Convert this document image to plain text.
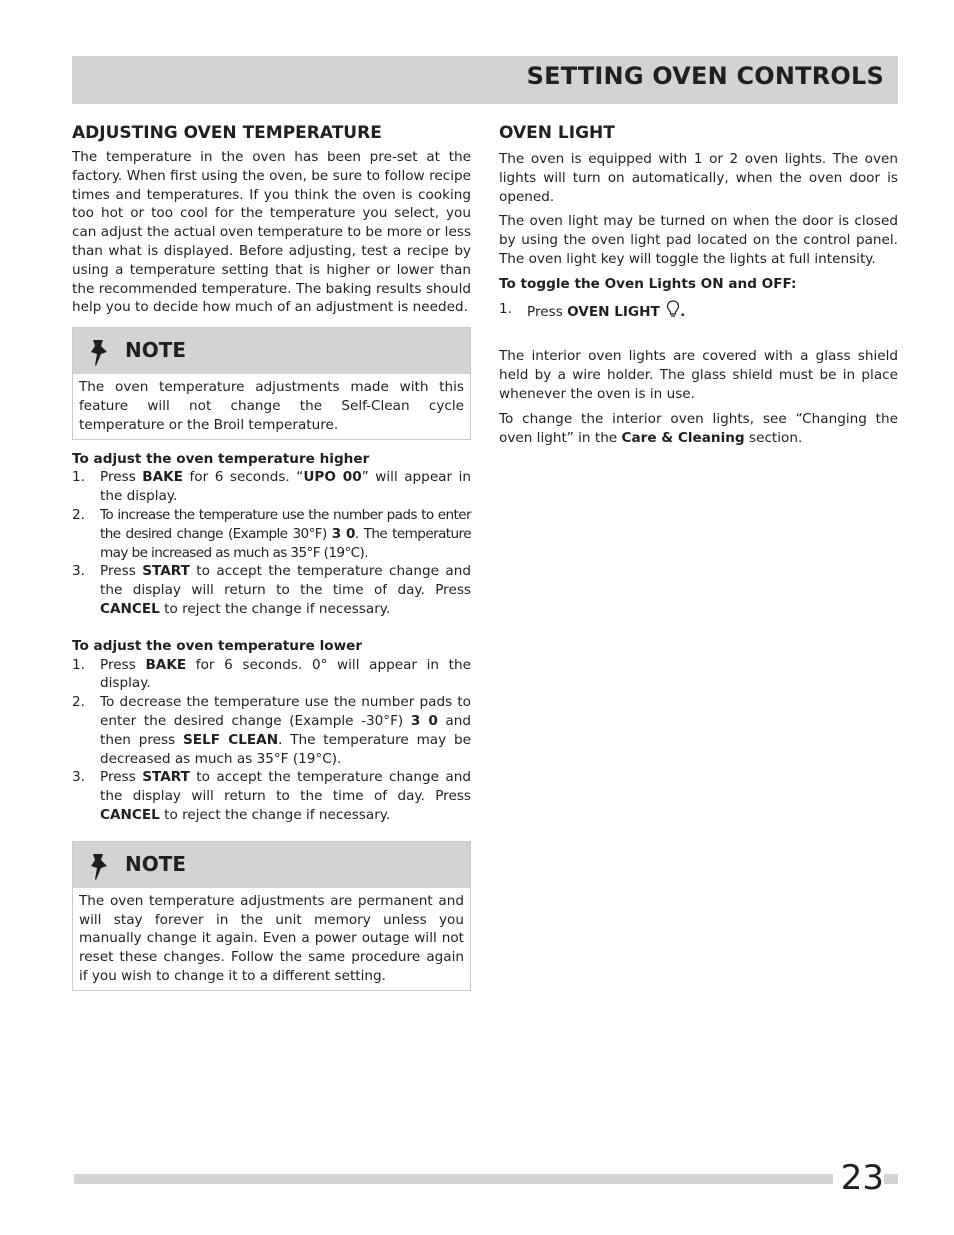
SETTING OVEN CONTROLS
ADJUSTING OVEN TEMPERATURE

The temperature in the oven has been pre-set at the factory. When first using the oven, be sure to follow recipe times and temperatures. If you think the oven is cooking too hot or too cool for the temperature you select, you can adjust the actual oven temperature to be more or less than what is displayed. Before adjusting, test a recipe by using a temperature setting that is higher or lower than the recommended temperature. The baking results should help you to decide how much of an adjustment is needed.

NOTE
The oven temperature adjustments made with this feature will not change the Self-Clean cycle temperature or the Broil temperature.

To adjust the oven temperature higher

1. Press BAKE for 6 seconds. “UPO 00” will appear in the display.
2. To increase the temperature use the number pads to enter the desired change (Example 30°F) 3 0. The temperature may be increased as much as 35°F (19°C).
3. Press START to accept the temperature change and the display will return to the time of day. Press CANCEL to reject the change if necessary.

To adjust the oven temperature lower

1. Press BAKE for 6 seconds. 0° will appear in the display.
2. To decrease the temperature use the number pads to enter the desired change (Example -30°F) 3 0 and then press SELF CLEAN. The temperature may be decreased as much as 35°F (19°C).
3. Press START to accept the temperature change and the display will return to the time of day. Press CANCEL to reject the change if necessary.
NOTE
The oven temperature adjustments are permanent and will stay forever in the unit memory unless you manually change it again. Even a power outage will not reset these changes. Follow the same procedure again if you wish to change it to a different setting.
OVEN LIGHT

The oven is equipped with 1 or 2 oven lights. The oven lights will turn on automatically, when the oven door is opened.

The oven light may be turned on when the door is closed by using the oven light pad located on the control panel. The oven light key will toggle the lights at full intensity.

To toggle the Oven Lights ON and OFF:

1. Press OVEN LIGHT .

The interior oven lights are covered with a glass shield held by a wire holder. The glass shield must be in place whenever the oven is in use.

To change the interior oven lights, see “Changing the oven light” in the Care & Cleaning section.

23
